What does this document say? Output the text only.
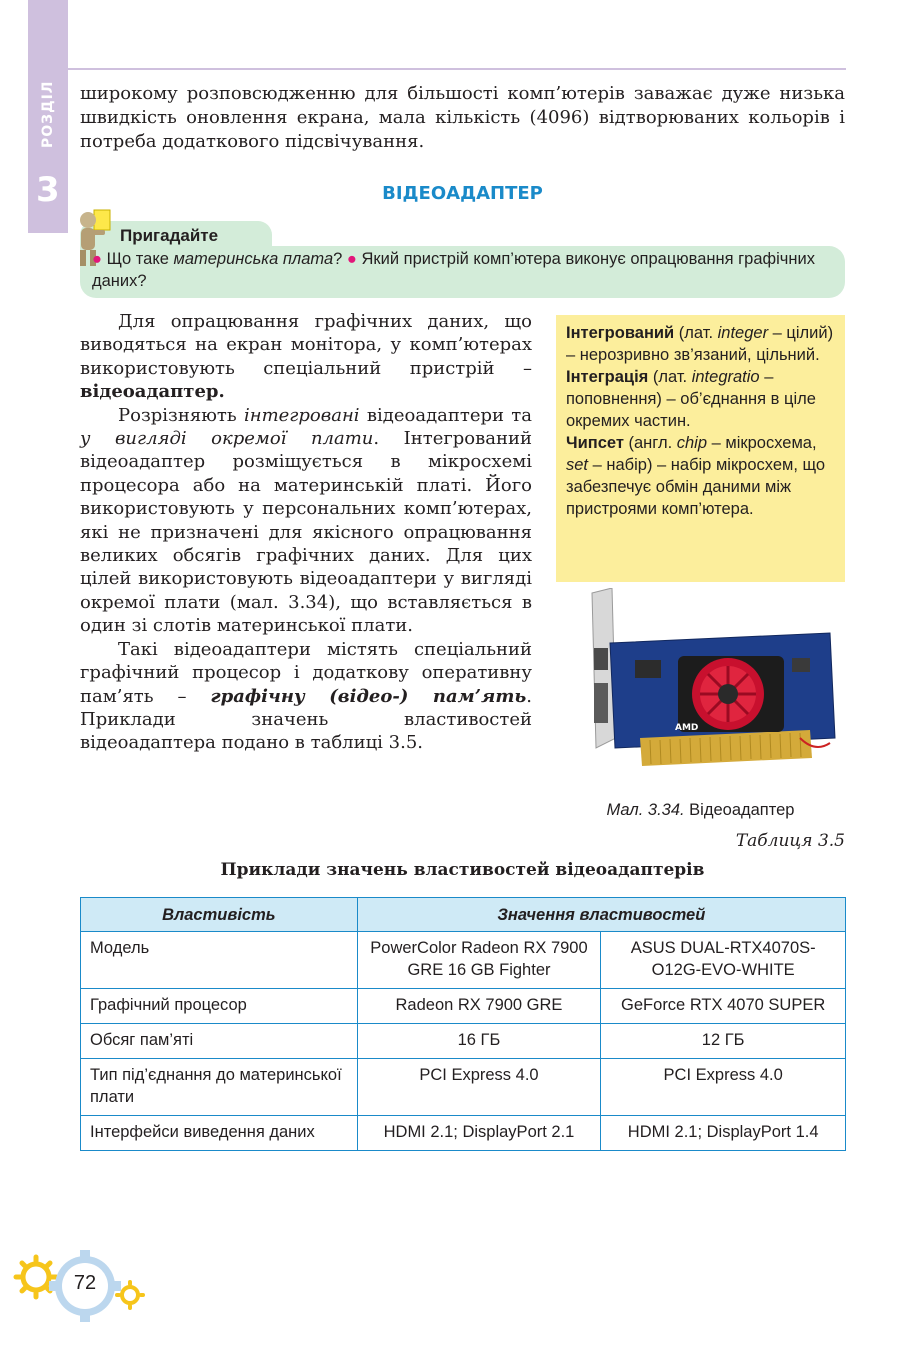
РОЗДІЛ
3
широкому розповсюдженню для більшості комп’ютерів заважає дуже низька швидкість оновлення екрана, мала кількість (4096) відтворюваних кольорів і потреба додаткового підсвічування.
ВІДЕОАДАПТЕР
Пригадайте
● Що таке материнська плата? ● Який пристрій комп’ютера виконує опрацювання графічних даних?

Для опрацювання графічних даних, що виводяться на екран монітора, у комп’ютерах використовують спеціальний пристрій – відеоадаптер.

Розрізняють інтегровані відеоадаптери та у вигляді окремої плати. Інтегрований відеоадаптер розміщується в мікросхемі процесора або на материнській платі. Його використовують у персональних комп’ютерах, які не призначені для якісного опрацювання великих обсягів графічних даних. Для цих цілей використовують відеоадаптери у вигляді окремої плати (мал. 3.34), що вставляється в один зі слотів материнської плати.

Такі відеоадаптери містять спеціальний графічний процесор і додаткову оперативну пам’ять – графічну (відео-) пам’ять. Приклади значень властивостей відеоадаптера подано в таблиці 3.5.

Інтегрований (лат. integer – цілий) – нерозривно зв’язаний, цільний.

Інтеграція (лат. integratio – поповнення) – об’єднання в ціле окремих частин.

Чипсет (англ. chip – мікросхема, set – набір) – набір мікросхем, що забезпечує обмін даними між пристроями комп’ютера.

AMD
Мал. 3.34. Відеоадаптер
Таблиця 3.5
Приклади значень властивостей відеоадаптерів
Властивість	Значення властивостей	
Модель	PowerColor Radeon RX 7900 GRE 16 GB Fighter	ASUS DUAL-RTX4070S-O12G-EVO-WHITE
Графічний процесор	Radeon RX 7900 GRE	GeForce RTX 4070 SUPER
Обсяг пам’яті	16 ГБ	12 ГБ
Тип під’єднання до материнської плати	PCI Express 4.0	PCI Express 4.0
Інтерфейси виведення даних	HDMI 2.1; DisplayPort 2.1	HDMI 2.1; DisplayPort 1.4
72
